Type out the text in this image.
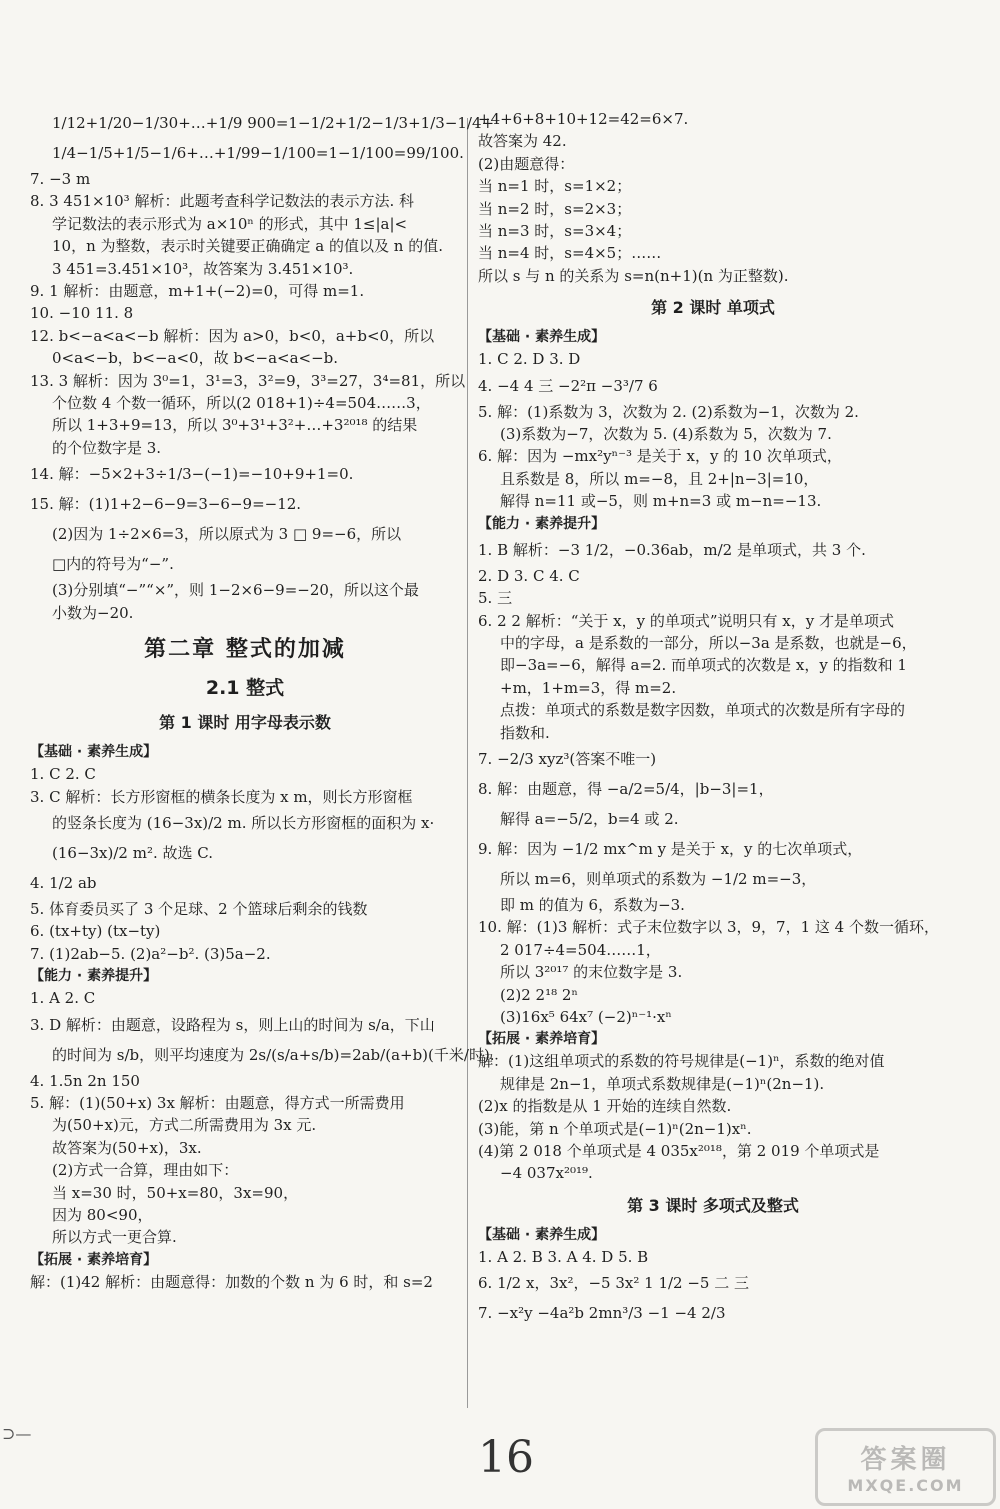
1/12+1/20−1/30+…+1/9 900=1−1/2+1/2−1/3+1/3−1/4+
1/4−1/5+1/5−1/6+…+1/99−1/100=1−1/100=99/100.
7. −3 m
8. 3 451×10³ 解析：此题考查科学记数法的表示方法. 科
学记数法的表示形式为 a×10ⁿ 的形式，其中 1≤|a|<
10，n 为整数，表示时关键要正确确定 a 的值以及 n 的值.
3 451=3.451×10³，故答案为 3.451×10³.
9. 1 解析：由题意，m+1+(−2)=0，可得 m=1.
10. −10 11. 8
12. b<−a<a<−b 解析：因为 a>0，b<0，a+b<0，所以
0<a<−b，b<−a<0，故 b<−a<a<−b.
13. 3 解析：因为 3⁰=1，3¹=3，3²=9，3³=27，3⁴=81，所以
个位数 4 个数一循环，所以(2 018+1)÷4=504……3，
所以 1+3+9=13，所以 3⁰+3¹+3²+…+3²⁰¹⁸ 的结果
的个位数字是 3.
14. 解：−5×2+3÷1/3−(−1)=−10+9+1=0.
15. 解：(1)1+2−6−9=3−6−9=−12.
(2)因为 1÷2×6=3，所以原式为 3 □ 9=−6，所以
□内的符号为“−”.
(3)分别填“−”“×”，则 1−2×6−9=−20，所以这个最
小数为−20.
第二章 整式的加减
2.1 整式
第 1 课时 用字母表示数
【基础 · 素养生成】
1. C 2. C
3. C 解析：长方形窗框的横条长度为 x m，则长方形窗框
的竖条长度为 (16−3x)/2 m. 所以长方形窗框的面积为 x·
(16−3x)/2 m². 故选 C.
4. 1/2 ab
5. 体育委员买了 3 个足球、2 个篮球后剩余的钱数
6. (tx+ty) (tx−ty)
7. (1)2ab−5. (2)a²−b². (3)5a−2.
【能力 · 素养提升】
1. A 2. C
3. D 解析：由题意，设路程为 s，则上山的时间为 s/a，下山
的时间为 s/b，则平均速度为 2s/(s/a+s/b)=2ab/(a+b)(千米/时).
4. 1.5n 2n 150
5. 解：(1)(50+x) 3x 解析：由题意，得方式一所需费用
为(50+x)元，方式二所需费用为 3x 元.
故答案为(50+x)，3x.
(2)方式一合算，理由如下：
当 x=30 时，50+x=80，3x=90，
因为 80<90，
所以方式一更合算.
【拓展 · 素养培育】
解：(1)42 解析：由题意得：加数的个数 n 为 6 时，和 s=2
+4+6+8+10+12=42=6×7.
故答案为 42.
(2)由题意得：
当 n=1 时，s=1×2；
当 n=2 时，s=2×3；
当 n=3 时，s=3×4；
当 n=4 时，s=4×5；……
所以 s 与 n 的关系为 s=n(n+1)(n 为正整数).
第 2 课时 单项式
【基础 · 素养生成】
1. C 2. D 3. D
4. −4 4 三 −2²π −3³/7 6
5. 解：(1)系数为 3，次数为 2. (2)系数为−1，次数为 2.
(3)系数为−7，次数为 5. (4)系数为 5，次数为 7.
6. 解：因为 −mx²yⁿ⁻³ 是关于 x，y 的 10 次单项式，
且系数是 8，所以 m=−8，且 2+|n−3|=10，
解得 n=11 或−5，则 m+n=3 或 m−n=−13.
【能力 · 素养提升】
1. B 解析：−3 1/2，−0.36ab，m/2 是单项式，共 3 个.
2. D 3. C 4. C
5. 三
6. 2 2 解析：“关于 x，y 的单项式”说明只有 x，y 才是单项式
中的字母，a 是系数的一部分，所以−3a 是系数，也就是−6，
即−3a=−6，解得 a=2. 而单项式的次数是 x，y 的指数和 1
+m，1+m=3，得 m=2.
点拨：单项式的系数是数字因数，单项式的次数是所有字母的
指数和.
7. −2/3 xyz³(答案不唯一)
8. 解：由题意，得 −a/2=5/4，|b−3|=1，
解得 a=−5/2，b=4 或 2.
9. 解：因为 −1/2 mx^m y 是关于 x，y 的七次单项式，
所以 m=6，则单项式的系数为 −1/2 m=−3，
即 m 的值为 6，系数为−3.
10. 解：(1)3 解析：式子末位数字以 3，9，7，1 这 4 个数一循环，
2 017÷4=504……1，
所以 3²⁰¹⁷ 的末位数字是 3.
(2)2 2¹⁸ 2ⁿ
(3)16x⁵ 64x⁷ (−2)ⁿ⁻¹·xⁿ
【拓展 · 素养培育】
解：(1)这组单项式的系数的符号规律是(−1)ⁿ，系数的绝对值
规律是 2n−1，单项式系数规律是(−1)ⁿ(2n−1).
(2)x 的指数是从 1 开始的连续自然数.
(3)能，第 n 个单项式是(−1)ⁿ(2n−1)xⁿ.
(4)第 2 018 个单项式是 4 035x²⁰¹⁸，第 2 019 个单项式是
−4 037x²⁰¹⁹.
第 3 课时 多项式及整式
【基础 · 素养生成】
1. A 2. B 3. A 4. D 5. B
6. 1/2 x，3x²，−5 3x² 1 1/2 −5 二 三
7. −x²y −4a²b 2mn³/3 −1 −4 2/3
⊃—	16	答案圈
MXQE.COM
